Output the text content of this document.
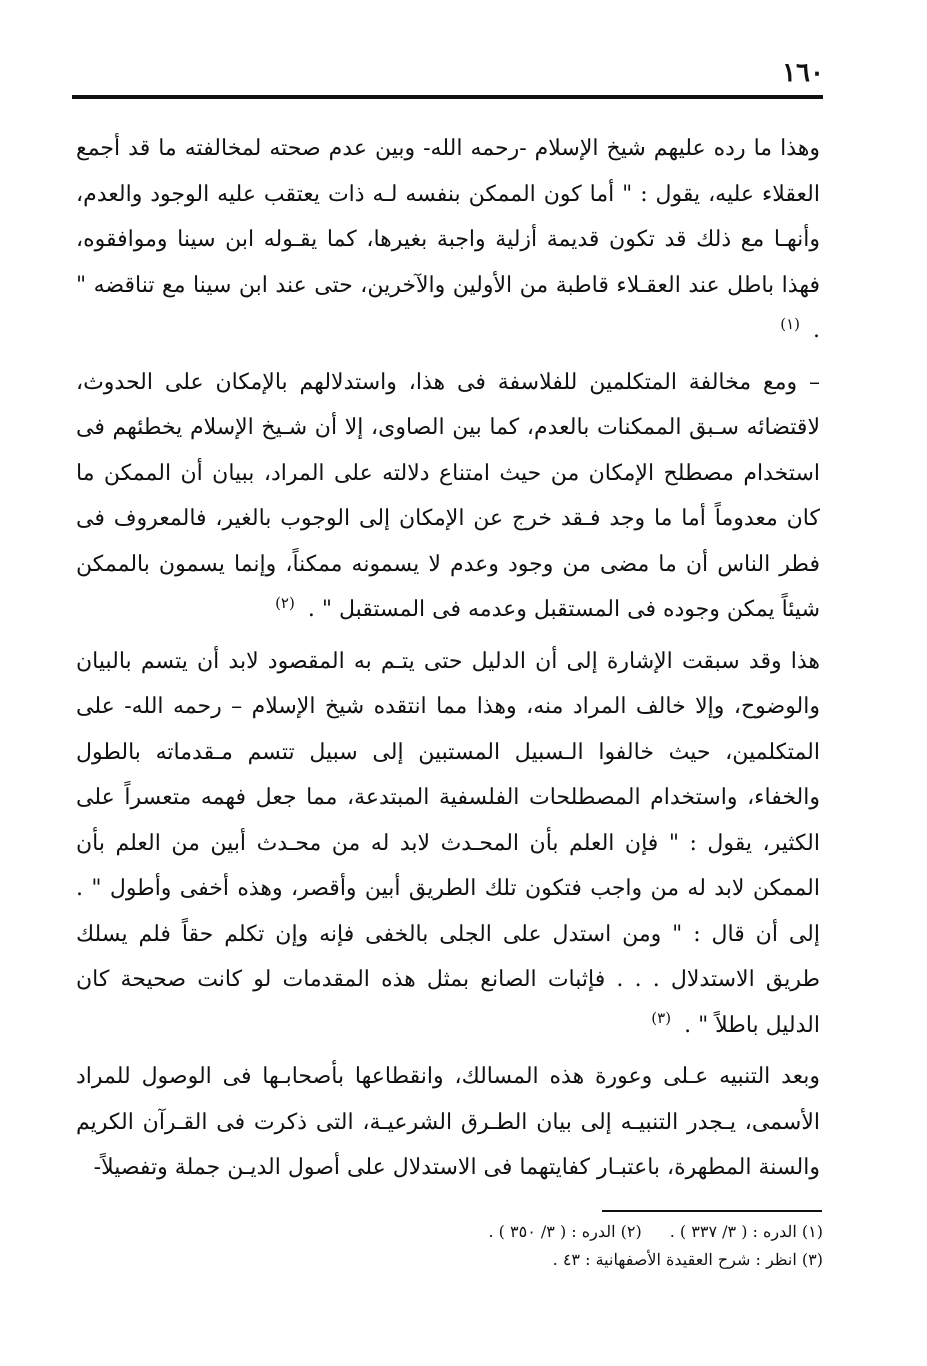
١٦٠

وهذا ما رده عليهم شيخ الإسلام -رحمه الله- وبين عدم صحته لمخالفته ما قد أجمع العقلاء عليه، يقول : " أما كون الممكن بنفسه لـه ذات يعتقب عليه الوجود والعدم، وأنهـا مع ذلك قد تكون قديمة أزلية واجبة بغيرها، كما يقـوله ابن سينا وموافقوه، فهذا باطل عند العقـلاء قاطبة من الأولين والآخرين، حتى عند ابن سينا مع تناقضه " . $^{(١)}$

– ومع مخالفة المتكلمين للفلاسفة فى هذا، واستدلالهم بالإمكان على الحدوث، لاقتضائه سـبق الممكنات بالعدم، كما بين الصاوى، إلا أن شـيخ الإسلام يخطئهم فى استخدام مصطلح الإمكان من حيث امتناع دلالته على المراد، ببيان أن الممكن ما كان معدوماً أما ما وجد فـقد خرج عن الإمكان إلى الوجوب بالغير، فالمعروف فى فطر الناس أن ما مضى من وجود وعدم لا يسمونه ممكناً، وإنما يسمون بالممكن شيئاً يمكن وجوده فى المستقبل وعدمه فى المستقبل " . $^{(٢)}$

هذا وقد سبقت الإشارة إلى أن الدليل حتى يتـم به المقصود لابد أن يتسم بالبيان والوضوح، وإلا خالف المراد منه، وهذا مما انتقده شيخ الإسلام – رحمه الله- على المتكلمين، حيث خالفوا الـسبيل المستبين إلى سبيل تتسم مـقدماته بالطول والخفاء، واستخدام المصطلحات الفلسفية المبتدعة، مما جعل فهمه متعسراً على الكثير، يقول : " فإن العلم بأن المحـدث لابد له من محـدث أبين من العلم بأن الممكن لابد له من واجب فتكون تلك الطريق أبين وأقصر، وهذه أخفى وأطول " . إلى أن قال : " ومن استدل على الجلى بالخفى فإنه وإن تكلم حقاً فلم يسلك طريق الاستدلال . . . فإثبات الصانع بمثل هذه المقدمات لو كانت صحيحة كان الدليل باطلاً " . $^{(٣)}$

وبعد التنبيه عـلى وعورة هذه المسالك، وانقطاعها بأصحابـها فى الوصول للمراد الأسمى، يـجدر التنبيـه إلى بيان الطـرق الشرعيـة، التى ذكرت فى القـرآن الكريم والسنة المطهرة، باعتبـار كفايتهما فى الاستدلال على أصول الديـن جملة وتفصيلاً-

(١) الدره : ( ٣/ ٣٣٧ ) .
(٢) الدره : ( ٣/ ٣٥٠ ) .
(٣) انظر : شرح العقيدة الأصفهانية : ٤٣ .
